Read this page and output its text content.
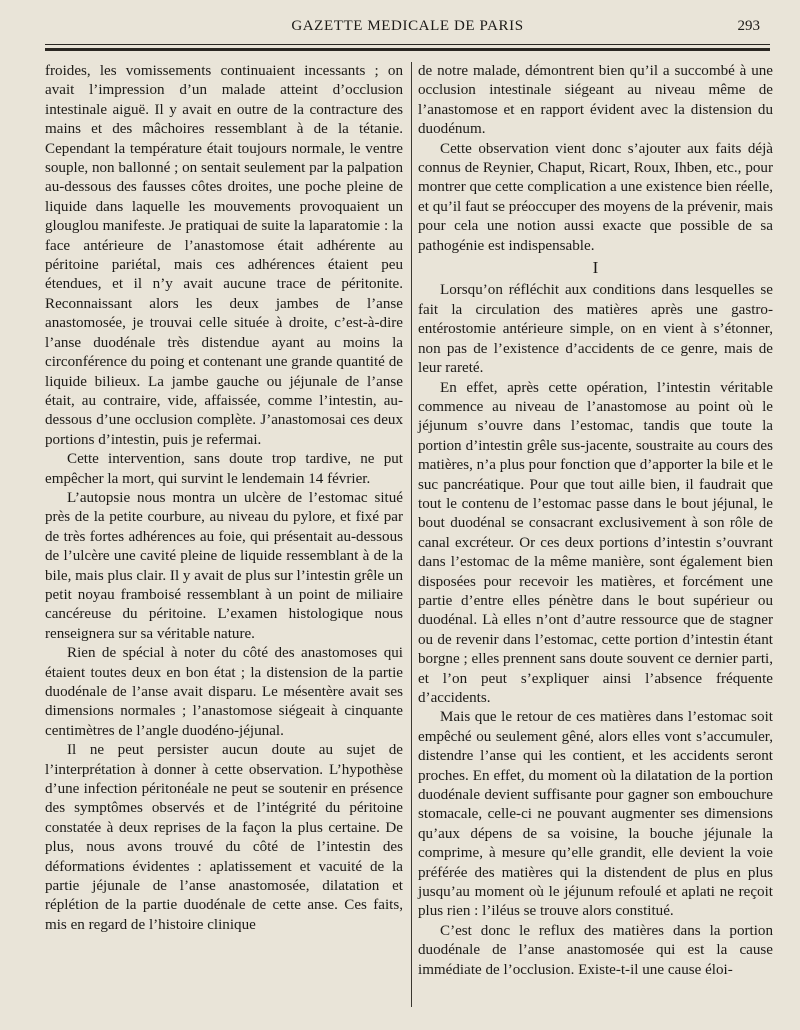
GAZETTE MEDICALE DE PARIS	293

froides, les vomissements continuaient incessants ; on avait l’impression d’un malade atteint d’occlusion intestinale aiguë. Il y avait en outre de la contracture des mains et des mâchoires ressemblant à de la tétanie. Cependant la température était toujours normale, le ventre souple, non ballonné ; on sentait seulement par la palpation au-dessous des fausses côtes droites, une poche pleine de liquide dans laquelle les mouvements provoquaient un glouglou manifeste. Je pratiquai de suite la laparatomie : la face antérieure de l’anastomose était adhérente au péritoine pariétal, mais ces adhérences étaient peu étendues, et il n’y avait aucune trace de péritonite. Reconnaissant alors les deux jambes de l’anse anastomosée, je trouvai celle située à droite, c’est-à-dire l’anse duodénale très distendue ayant au moins la circonférence du poing et contenant une grande quantité de liquide bilieux. La jambe gauche ou jéjunale de l’anse était, au contraire, vide, affaissée, comme l’intestin, au-dessous d’une occlusion complète. J’anastomosai ces deux portions d’intestin, puis je refermai.

Cette intervention, sans doute trop tardive, ne put empêcher la mort, qui survint le lendemain 14 février.

L’autopsie nous montra un ulcère de l’estomac situé près de la petite courbure, au niveau du pylore, et fixé par de très fortes adhérences au foie, qui présentait au-dessous de l’ulcère une cavité pleine de liquide ressemblant à de la bile, mais plus clair. Il y avait de plus sur l’intestin grêle un petit noyau framboisé ressemblant à un point de miliaire cancéreuse du péritoine. L’examen histologique nous renseignera sur sa véritable nature.

Rien de spécial à noter du côté des anastomoses qui étaient toutes deux en bon état ; la distension de la partie duodénale de l’anse avait disparu. Le mésentère avait ses dimensions normales ; l’anastomose siégeait à cinquante centimètres de l’angle duodéno-jéjunal.

Il ne peut persister aucun doute au sujet de l’interprétation à donner à cette observation. L’hypothèse d’une infection péritonéale ne peut se soutenir en présence des symptômes observés et de l’intégrité du péritoine constatée à deux reprises de la façon la plus certaine. De plus, nous avons trouvé du côté de l’intestin des déformations évidentes : aplatissement et vacuité de la partie jéjunale de l’anse anastomosée, dilatation et réplétion de la partie duodénale de cette anse. Ces faits, mis en regard de l’histoire clinique

de notre malade, démontrent bien qu’il a succombé à une occlusion intestinale siégeant au niveau même de l’anastomose et en rapport évident avec la distension du duodénum.

Cette observation vient donc s’ajouter aux faits déjà connus de Reynier, Chaput, Ricart, Roux, Ihben, etc., pour montrer que cette complication a une existence bien réelle, et qu’il faut se préoccuper des moyens de la prévenir, mais pour cela une notion aussi exacte que possible de sa pathogénie est indispensable.

I

Lorsqu’on réfléchit aux conditions dans lesquelles se fait la circulation des matières après une gastro-entérostomie antérieure simple, on en vient à s’étonner, non pas de l’existence d’accidents de ce genre, mais de leur rareté.

En effet, après cette opération, l’intestin véritable commence au niveau de l’anastomose au point où le jéjunum s’ouvre dans l’estomac, tandis que toute la portion d’intestin grêle sus-jacente, soustraite au cours des matières, n’a plus pour fonction que d’apporter la bile et le suc pancréatique. Pour que tout aille bien, il faudrait que tout le contenu de l’estomac passe dans le bout jéjunal, le bout duodénal se consacrant exclusivement à son rôle de canal excréteur. Or ces deux portions d’intestin s’ouvrant dans l’estomac de la même manière, sont également bien disposées pour recevoir les matières, et forcément une partie d’entre elles pénètre dans le bout supérieur ou duodénal. Là elles n’ont d’autre ressource que de stagner ou de revenir dans l’estomac, cette portion d’intestin étant borgne ; elles prennent sans doute souvent ce dernier parti, et l’on peut s’expliquer ainsi l’absence fréquente d’accidents.

Mais que le retour de ces matières dans l’estomac soit empêché ou seulement gêné, alors elles vont s’accumuler, distendre l’anse qui les contient, et les accidents seront proches. En effet, du moment où la dilatation de la portion duodénale devient suffisante pour gagner son embouchure stomacale, celle-ci ne pouvant augmenter ses dimensions qu’aux dépens de sa voisine, la bouche jéjunale la comprime, à mesure qu’elle grandit, elle devient la voie préférée des matières qui la distendent de plus en plus jusqu’au moment où le jéjunum refoulé et aplati ne reçoit plus rien : l’iléus se trouve alors constitué.

C’est donc le reflux des matières dans la portion duodénale de l’anse anastomosée qui est la cause immédiate de l’occlusion. Existe-t-il une cause éloi-
